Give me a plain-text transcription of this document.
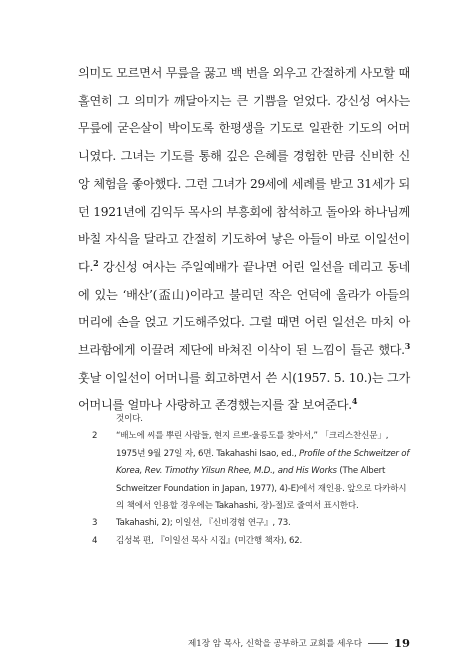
의미도 모르면서 무릎을 꿇고 백 번을 외우고 간절하게 사모할 때 홀연히 그 의미가 깨달아지는 큰 기쁨을 얻었다. 강신성 여사는 무릎에 굳은살이 박이도록 한평생을 기도로 일관한 기도의 어머니였다. 그녀는 기도를 통해 깊은 은혜를 경험한 만큼 신비한 신앙 체험을 좋아했다. 그런 그녀가 29세에 세례를 받고 31세가 되던 1921년에 김익두 목사의 부흥회에 참석하고 돌아와 하나님께 바칠 자식을 달라고 간절히 기도하여 낳은 아들이 바로 이일선이다.$^2$ 강신성 여사는 주일예배가 끝나면 어린 일선을 데리고 동네에 있는 ‘배산’(盃山)이라고 불리던 작은 언덕에 올라가 아들의 머리에 손을 얹고 기도해주었다. 그럴 때면 어린 일선은 마치 아브라함에게 이끌려 제단에 바쳐진 이삭이 된 느낌이 들곤 했다.$^3$ 훗날 이일선이 어머니를 회고하면서 쓴 시(1957. 5. 10.)는 그가 어머니를 얼마나 사랑하고 존경했는지를 잘 보여준다.$^4$

것이다.
2 “배노에 씨를 뿌린 사람들, 현지 르뽀-울릉도를 찾아서,” 「크리스찬신문」, 1975년 9월 27일 자, 6면. Takahashi Isao, ed., Profile of the Schweitzer of Korea, Rev. Timothy Yilsun Rhee, M.D., and His Works (The Albert Schweitzer Foundation in Japan, 1977), 4)-E)에서 재인용. 앞으로 다카하시의 책에서 인용할 경우에는 Takahashi, 장)-절)로 줄여서 표시한다.
3 Takahashi, 2); 이일선, 『신비경험 연구』, 73.
4 김성복 편, 『이일선 목사 시집』(미간행 책자), 62.
제1장 암 목사, 신학을 공부하고 교회를 세우다	19
